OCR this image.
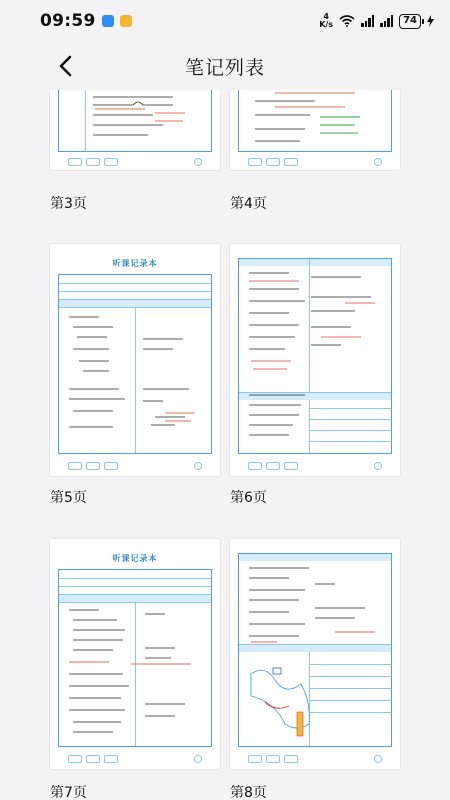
09:59	4
K/s	74
笔记列表
第3页	第4页
听课记录本
第5页	第6页
听课记录本
第7页	第8页
